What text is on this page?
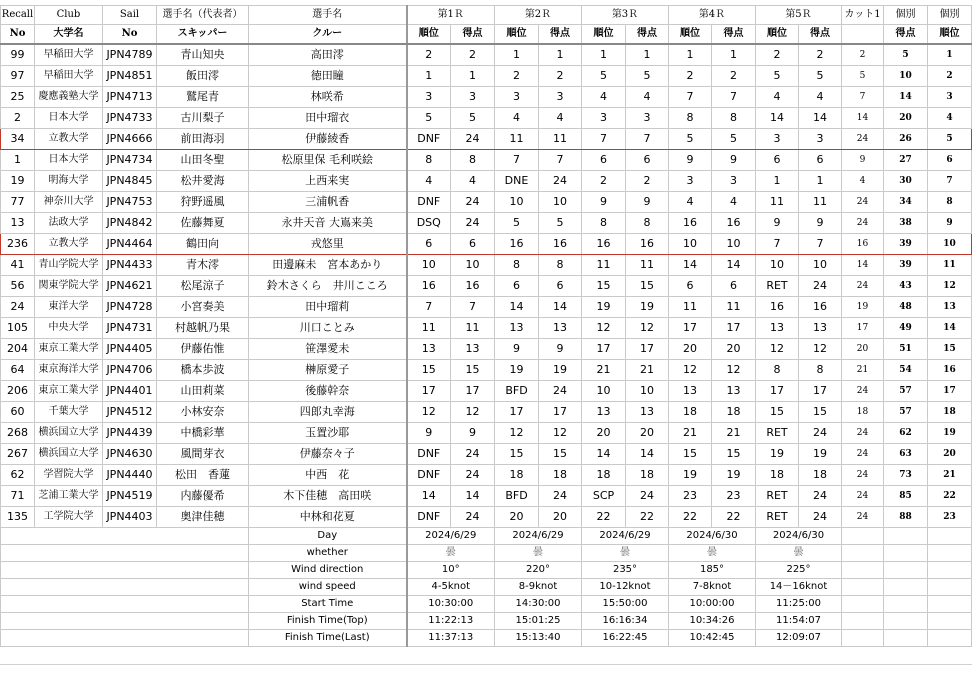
Recall	Club	Sail	選手名（代表者）	選手名	第1Ｒ		第2Ｒ		第3Ｒ		第4Ｒ		第5Ｒ		カット1	個別	個別
No	大学名	No	スキッパー	クルー	順位	得点	順位	得点	順位	得点	順位	得点	順位	得点		得点	順位
99	早稲田大学	JPN4789	青山知央	高田澪	2	2	1	1	1	1	1	1	2	2	2	5	1
97	早稲田大学	JPN4851	飯田澪	徳田瞳	1	1	2	2	5	5	2	2	5	5	5	10	2
25	慶應義塾大学	JPN4713	鷲尾青	林咲希	3	3	3	3	4	4	7	7	4	4	7	14	3
2	日本大学	JPN4733	古川梨子	田中瑠衣	5	5	4	4	3	3	8	8	14	14	14	20	4
34	立教大学	JPN4666	前田海羽	伊藤綾香	DNF	24	11	11	7	7	5	5	3	3	24	26	5
1	日本大学	JPN4734	山田冬聖	松原里保 毛利咲絵	8	8	7	7	6	6	9	9	6	6	9	27	6
19	明海大学	JPN4845	松井愛海	上西来実	4	4	DNE	24	2	2	3	3	1	1	4	30	7
77	神奈川大学	JPN4753	狩野遥風	三浦帆香	DNF	24	10	10	9	9	4	4	11	11	24	34	8
13	法政大学	JPN4842	佐藤舞夏	永井天音 大嶌来美	DSQ	24	5	5	8	8	16	16	9	9	24	38	9
236	立教大学	JPN4464	鶴田向	戎悠里	6	6	16	16	16	16	10	10	7	7	16	39	10
41	青山学院大学	JPN4433	青木澪	田邊麻未　宮本あかり	10	10	8	8	11	11	14	14	10	10	14	39	11
56	関東学院大学	JPN4621	松尾涼子	鈴木さくら　井川こころ	16	16	6	6	15	15	6	6	RET	24	24	43	12
24	東洋大学	JPN4728	小宮奏美	田中瑠莉	7	7	14	14	19	19	11	11	16	16	19	48	13
105	中央大学	JPN4731	村越帆乃果	川口ことみ	11	11	13	13	12	12	17	17	13	13	17	49	14
204	東京工業大学	JPN4405	伊藤佑惟	笹澤愛未	13	13	9	9	17	17	20	20	12	12	20	51	15
64	東京海洋大学	JPN4706	橋本歩波	榊原愛子	15	15	19	19	21	21	12	12	8	8	21	54	16
206	東京工業大学	JPN4401	山田莉菜	後藤幹奈	17	17	BFD	24	10	10	13	13	17	17	24	57	17
60	千葉大学	JPN4512	小林安奈	四郎丸幸海	12	12	17	17	13	13	18	18	15	15	18	57	18
268	横浜国立大学	JPN4439	中橋彩華	玉置沙耶	9	9	12	12	20	20	21	21	RET	24	24	62	19
267	横浜国立大学	JPN4630	風間芽衣	伊藤奈々子	DNF	24	15	15	14	14	15	15	19	19	24	63	20
62	学習院大学	JPN4440	松田　香蓮	中西　花	DNF	24	18	18	18	18	19	19	18	18	24	73	21
71	芝浦工業大学	JPN4519	内藤優希	木下佳穂　高田咲	14	14	BFD	24	SCP	24	23	23	RET	24	24	85	22
135	工学院大学	JPN4403	奥津佳穂	中林和花夏	DNF	24	20	20	22	22	22	22	RET	24	24	88	23
				Day	2024/6/29		2024/6/29		2024/6/29		2024/6/30		2024/6/30				
				whether	曇		曇		曇		曇		曇				
				Wind direction	10°		220°		235°		185°		225°				
				wind speed	4-5knot		8-9knot		10-12knot		7-8knot		14－16knot				
				Start Time	10:30:00		14:30:00		15:50:00		10:00:00		11:25:00				
				Finish Time(Top)	11:22:13		15:01:25		16:16:34		10:34:26		11:54:07				
				Finish Time(Last)	11:37:13		15:13:40		16:22:45		10:42:45		12:09:07				
